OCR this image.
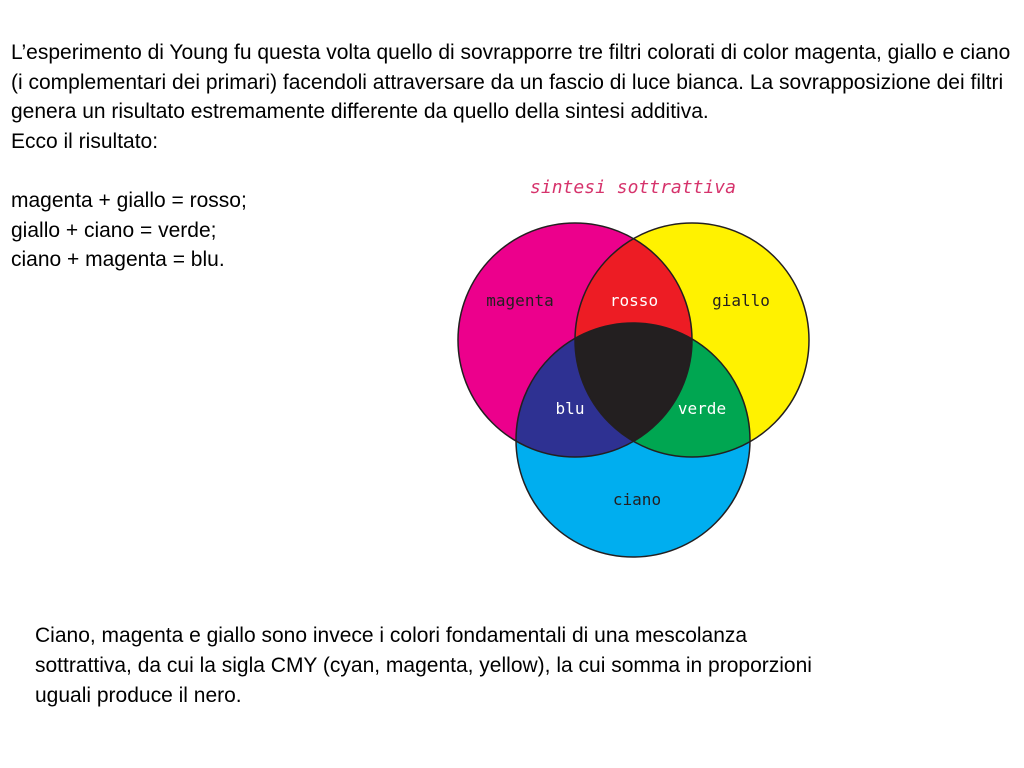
L’esperimento di Young fu questa volta quello di sovrapporre tre filtri colorati di color magenta, giallo e ciano (i complementari dei primari) facendoli attraversare da un fascio di luce bianca. La sovrapposizione dei filtri genera un risultato estremamente differente da quello della sintesi additiva.

Ecco il risultato:

magenta + giallo = rosso;

giallo + ciano = verde;

ciano + magenta = blu.

sintesi sottrattiva
magenta	rosso	giallo
blu	verde
ciano

Ciano, magenta e giallo sono invece i colori fondamentali di una mescolanza sottrattiva, da cui la sigla CMY (cyan, magenta, yellow), la cui somma in proporzioni uguali produce il nero.
